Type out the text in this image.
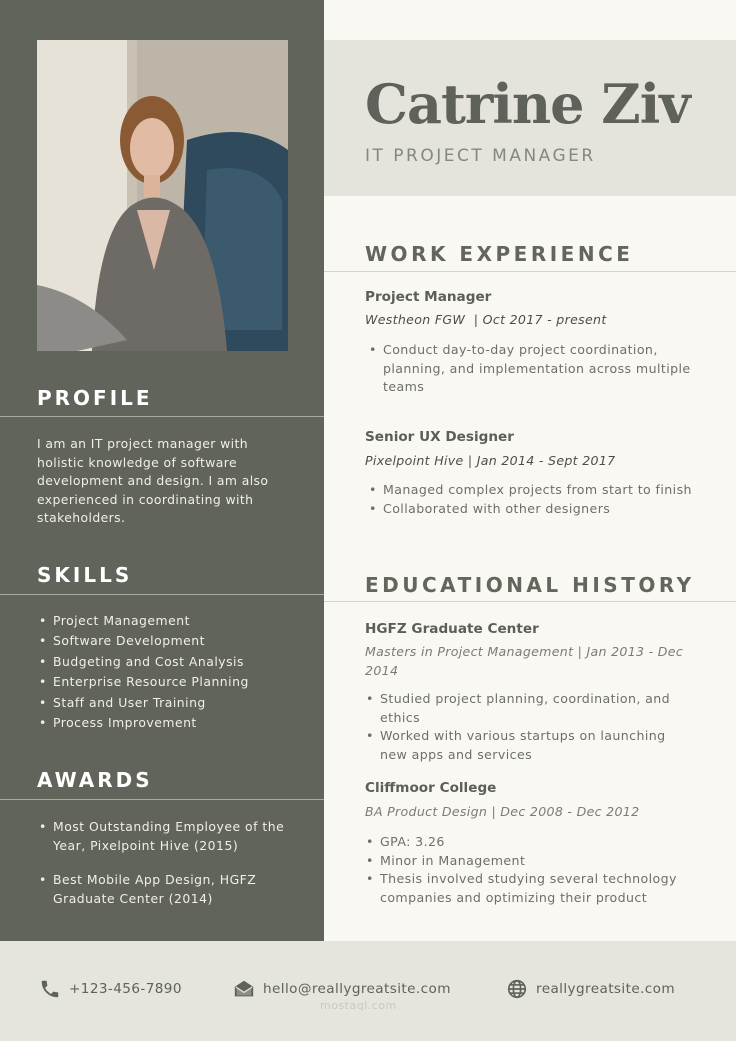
PROFILE

I am an IT project manager with holistic knowledge of software development and design. I am also experienced in coordinating with stakeholders.

SKILLS
• Project Management
• Software Development
• Budgeting and Cost Analysis
• Enterprise Resource Planning
• Staff and User Training
• Process Improvement
AWARDS
• Most Outstanding Employee of the Year, Pixelpoint Hive (2015)
• Best Mobile App Design, HGFZ Graduate Center (2014)
Catrine Ziv
IT PROJECT MANAGER
WORK EXPERIENCE
Project Manager
Westheon FGW  | Oct 2017 - present
• Conduct day-to-day project coordination, planning, and implementation across multiple teams
Senior UX Designer
Pixelpoint Hive | Jan 2014 - Sept 2017
• Managed complex projects from start to finish
• Collaborated with other designers
EDUCATIONAL HISTORY
HGFZ Graduate Center
Masters in Project Management | Jan 2013 - Dec 2014
• Studied project planning, coordination, and ethics
• Worked with various startups on launching new apps and services
Cliffmoor College
BA Product Design | Dec 2008 - Dec 2012
• GPA: 3.26
• Minor in Management
• Thesis involved studying several technology companies and optimizing their product
+123-456-7890	hello@reallygreatsite.com	reallygreatsite.com
mostaql.com
